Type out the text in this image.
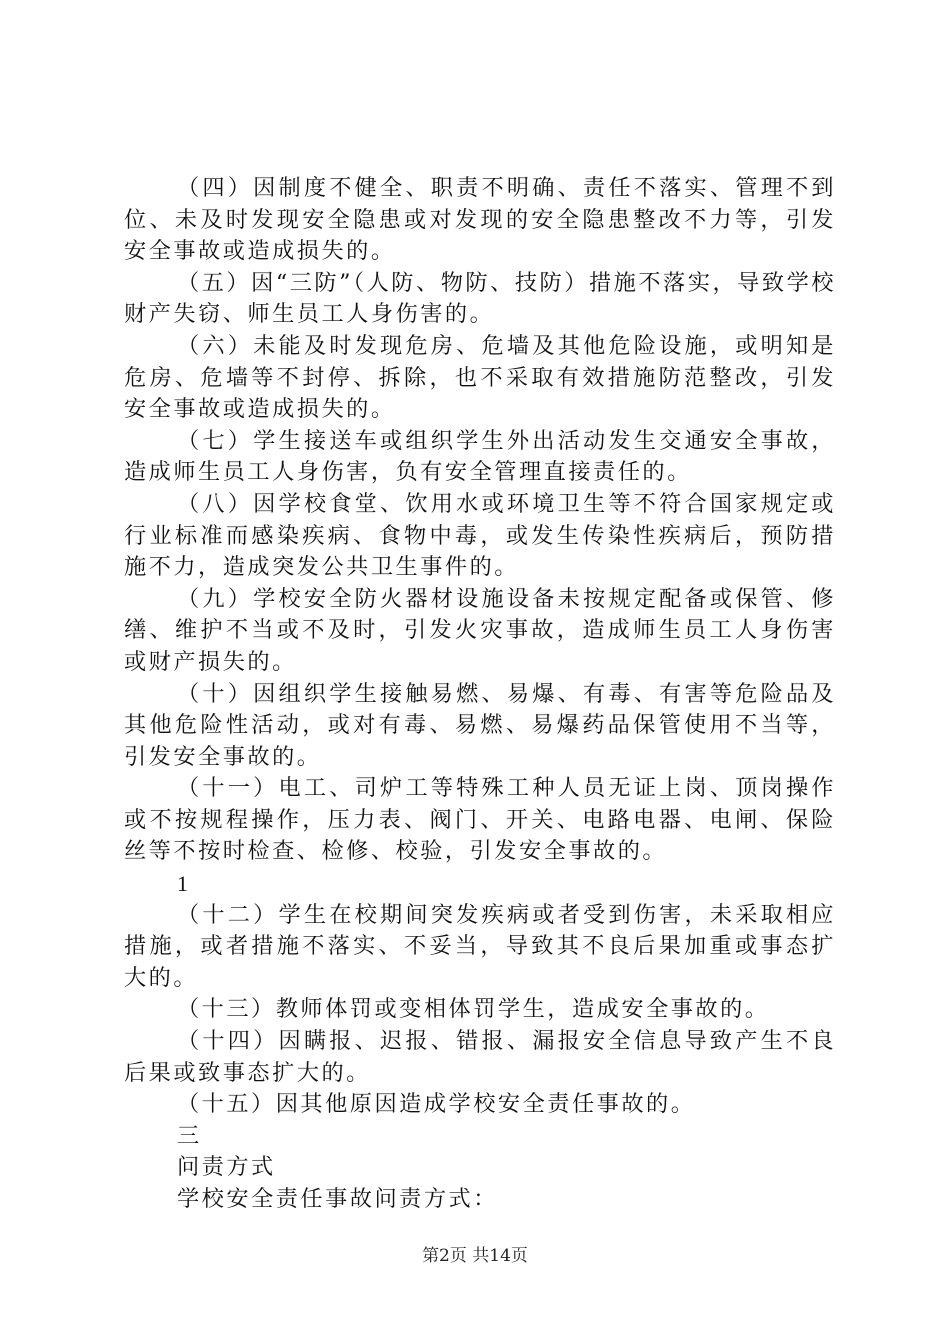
（四）因制度不健全、职责不明确、责任不落实、管理不到位、未及时发现安全隐患或对发现的安全隐患整改不力等，引发安全事故或造成损失的。

（五）因“三防”（人防、物防、技防）措施不落实，导致学校财产失窃、师生员工人身伤害的。

（六）未能及时发现危房、危墙及其他危险设施，或明知是危房、危墙等不封停、拆除，也不采取有效措施防范整改，引发安全事故或造成损失的。

（七）学生接送车或组织学生外出活动发生交通安全事故，造成师生员工人身伤害，负有安全管理直接责任的。

（八）因学校食堂、饮用水或环境卫生等不符合国家规定或行业标准而感染疾病、食物中毒，或发生传染性疾病后，预防措施不力，造成突发公共卫生事件的。

（九）学校安全防火器材设施设备未按规定配备或保管、修缮、维护不当或不及时，引发火灾事故，造成师生员工人身伤害或财产损失的。

（十）因组织学生接触易燃、易爆、有毒、有害等危险品及其他危险性活动，或对有毒、易燃、易爆药品保管使用不当等，引发安全事故的。

（十一）电工、司炉工等特殊工种人员无证上岗、顶岗操作或不按规程操作，压力表、阀门、开关、电路电器、电闸、保险丝等不按时检查、检修、校验，引发安全事故的。

1

（十二）学生在校期间突发疾病或者受到伤害，未采取相应措施，或者措施不落实、不妥当，导致其不良后果加重或事态扩大的。

（十三）教师体罚或变相体罚学生，造成安全事故的。

（十四）因瞒报、迟报、错报、漏报安全信息导致产生不良后果或致事态扩大的。

（十五）因其他原因造成学校安全责任事故的。

三

问责方式

学校安全责任事故问责方式：

第2页 共14页
